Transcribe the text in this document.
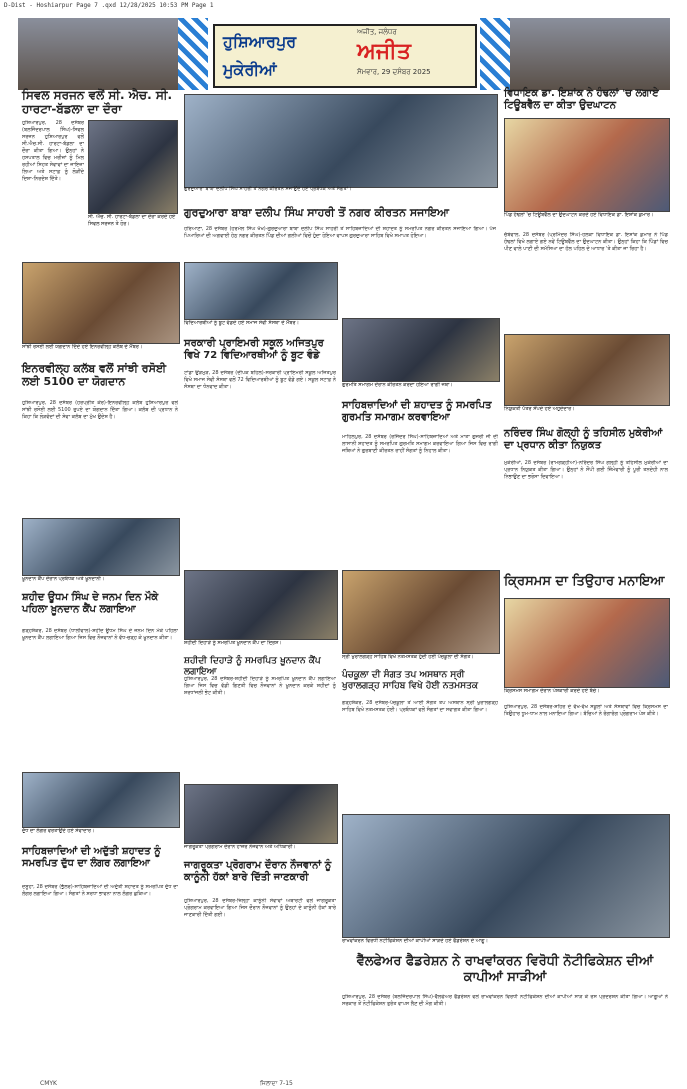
D-Dist - Hoshiarpur Page 7 .qxd 12/28/2025 10:53 PM Page 1
ਹੁਸ਼ਿਆਰਪੁਰ
ਮੁਕੇਰੀਆਂ
ਅਜੀਤ, ਜਲੰਧਰ
ਅਜੀਤ
ਸੋਮਵਾਰ, 29 ਦਸੰਬਰ 2025
ਸਿਵਲ ਸਰਜਨ ਵਲੋਂ ਸੀ. ਐਚ. ਸੀ. ਹਾਰਟਾ-ਬੱਡਲਾ ਦਾ ਦੌਰਾ
ਹੁਸ਼ਿਆਰਪੁਰ, 28 ਦਸੰਬਰ (ਬਲਜਿੰਦਰਪਾਲ ਸਿੰਘ)-ਸਿਵਲ ਸਰਜਨ ਹੁਸ਼ਿਆਰਪੁਰ ਵਲੋਂ ਸੀ.ਐਚ.ਸੀ. ਹਾਰਟਾ-ਬੱਡਲਾ ਦਾ ਦੌਰਾ ਕੀਤਾ ਗਿਆ। ਉਨ੍ਹਾਂ ਨੇ ਹਸਪਤਾਲ ਵਿਚ ਮਰੀਜ਼ਾਂ ਨੂੰ ਮਿਲ ਰਹੀਆਂ ਸਿਹਤ ਸੇਵਾਵਾਂ ਦਾ ਜਾਇਜ਼ਾ ਲਿਆ ਅਤੇ ਸਟਾਫ਼ ਨੂੰ ਲੋੜੀਂਦੇ ਦਿਸ਼ਾ-ਨਿਰਦੇਸ਼ ਦਿੱਤੇ।
ਸੀ. ਐਚ. ਸੀ. ਹਾਰਟਾ-ਬੱਡਲਾ ਦਾ ਦੌਰਾ ਕਰਦੇ ਹੋਏ ਸਿਵਲ ਸਰਜਨ ਤੇ ਹੋਰ।
ਗੁਰਦੁਆਰਾ ਬਾਬਾ ਦਲੀਪ ਸਿੰਘ ਸਾਹਰੀ ਤੋਂ ਨਗਰ ਕੀਰਤਨ ਸਜਾਉਂਦੇ ਹੋਏ ਪ੍ਰਬੰਧਕ ਅਤੇ ਸੰਗਤਾਂ।
ਗੁਰਦੁਆਰਾ ਬਾਬਾ ਦਲੀਪ ਸਿੰਘ ਸਾਹਰੀ ਤੋਂ ਨਗਰ ਕੀਰਤਨ ਸਜਾਇਆ
ਹਰਿਆਣਾ, 28 ਦਸੰਬਰ (ਹਰਮੇਲ ਸਿੰਘ ਖੱਖ)-ਗੁਰਦੁਆਰਾ ਬਾਬਾ ਦਲੀਪ ਸਿੰਘ ਸਾਹਰੀ ਤੋਂ ਸਾਹਿਬਜ਼ਾਦਿਆਂ ਦੀ ਸ਼ਹਾਦਤ ਨੂੰ ਸਮਰਪਿਤ ਨਗਰ ਕੀਰਤਨ ਸਜਾਇਆ ਗਿਆ। ਪੰਜ ਪਿਆਰਿਆਂ ਦੀ ਅਗਵਾਈ ਹੇਠ ਨਗਰ ਕੀਰਤਨ ਪਿੰਡ ਦੀਆਂ ਗਲੀਆਂ ਵਿਚੋਂ ਹੁੰਦਾ ਹੋਇਆ ਵਾਪਸ ਗੁਰਦੁਆਰਾ ਸਾਹਿਬ ਵਿਖੇ ਸਮਾਪਤ ਹੋਇਆ।
ਵਿਧਾਇਕ ਡਾ. ਇਸ਼ਾਂਕ ਨੇ ਹੰਢਲਾਂ 'ਚ ਲਗਾਏ ਟਿਊਬਵੈੱਲ ਦਾ ਕੀਤਾ ਉਦਘਾਟਨ
ਪਿੰਡ ਹੰਢਲਾਂ 'ਚ ਟਿਊਬਵੈੱਲ ਦਾ ਉਦਘਾਟਨ ਕਰਦੇ ਹੋਏ ਵਿਧਾਇਕ ਡਾ. ਇਸ਼ਾਂਕ ਕੁਮਾਰ।
ਚੱਬੇਵਾਲ, 28 ਦਸੰਬਰ (ਪ੍ਰਮਿੰਦਰ ਸਿੰਘ)-ਹਲਕਾ ਵਿਧਾਇਕ ਡਾ. ਇਸ਼ਾਂਕ ਕੁਮਾਰ ਨੇ ਪਿੰਡ ਹੰਢਲਾਂ ਵਿਖੇ ਲਗਾਏ ਗਏ ਨਵੇਂ ਟਿਊਬਵੈੱਲ ਦਾ ਉਦਘਾਟਨ ਕੀਤਾ। ਉਨ੍ਹਾਂ ਕਿਹਾ ਕਿ ਪਿੰਡਾਂ ਵਿਚ ਪੀਣ ਵਾਲੇ ਪਾਣੀ ਦੀ ਸਮੱਸਿਆ ਦਾ ਹੱਲ ਪਹਿਲ ਦੇ ਆਧਾਰ 'ਤੇ ਕੀਤਾ ਜਾ ਰਿਹਾ ਹੈ।
ਸਾਂਝੀ ਰਸੋਈ ਲਈ ਯੋਗਦਾਨ ਦਿੰਦੇ ਹੋਏ ਇਨਰਵੀਲ੍ਹ ਕਲੱਬ ਦੇ ਮੈਂਬਰ।
ਇਨਰਵੀਲ੍ਹ ਕਲੱਬ ਵਲੋਂ ਸਾਂਝੀ ਰਸੋਈ ਲਈ 5100 ਦਾ ਯੋਗਦਾਨ
ਹੁਸ਼ਿਆਰਪੁਰ, 28 ਦਸੰਬਰ (ਹਰਪ੍ਰੀਤ ਕੌਰ)-ਇਨਰਵੀਲ੍ਹ ਕਲੱਬ ਹੁਸ਼ਿਆਰਪੁਰ ਵਲੋਂ ਸਾਂਝੀ ਰਸੋਈ ਲਈ 5100 ਰੁਪਏ ਦਾ ਯੋਗਦਾਨ ਦਿੱਤਾ ਗਿਆ। ਕਲੱਬ ਦੀ ਪ੍ਰਧਾਨ ਨੇ ਕਿਹਾ ਕਿ ਲੋੜਵੰਦਾਂ ਦੀ ਸੇਵਾ ਕਲੱਬ ਦਾ ਮੁੱਖ ਉਦੇਸ਼ ਹੈ।
ਵਿਦਿਆਰਥੀਆਂ ਨੂੰ ਬੂਟ ਵੰਡਦੇ ਹੋਏ ਸਮਾਜ ਸੇਵੀ ਸੰਸਥਾ ਦੇ ਮੈਂਬਰ।
ਸਰਕਾਰੀ ਪ੍ਰਾਇਮਰੀ ਸਕੂਲ ਅਜਿਤਪੁਰ ਵਿਖੇ 72 ਵਿਦਿਆਰਥੀਆਂ ਨੂੰ ਬੂਟ ਵੰਡੇ
ਟਾਂਡਾ ਉੜਮੁੜ, 28 ਦਸੰਬਰ (ਦੀਪਕ ਬਹਿਲ)-ਸਰਕਾਰੀ ਪ੍ਰਾਇਮਰੀ ਸਕੂਲ ਅਜਿਤਪੁਰ ਵਿਖੇ ਸਮਾਜ ਸੇਵੀ ਸੰਸਥਾ ਵਲੋਂ 72 ਵਿਦਿਆਰਥੀਆਂ ਨੂੰ ਬੂਟ ਵੰਡੇ ਗਏ। ਸਕੂਲ ਸਟਾਫ਼ ਨੇ ਸੰਸਥਾ ਦਾ ਧੰਨਵਾਦ ਕੀਤਾ।	ਗੁਰਮਤਿ ਸਮਾਗਮ ਦੌਰਾਨ ਕੀਰਤਨ ਕਰਦਾ ਹੋਇਆ ਰਾਗੀ ਜਥਾ।
ਸਾਹਿਬਜ਼ਾਦਿਆਂ ਦੀ ਸ਼ਹਾਦਤ ਨੂੰ ਸਮਰਪਿਤ ਗੁਰਮਤਿ ਸਮਾਗਮ ਕਰਵਾਇਆ
ਮਾਹਿਲਪੁਰ, 28 ਦਸੰਬਰ (ਰਜਿੰਦਰ ਸਿੰਘ)-ਸਾਹਿਬਜ਼ਾਦਿਆਂ ਅਤੇ ਮਾਤਾ ਗੁਜਰੀ ਜੀ ਦੀ ਲਾਸਾਨੀ ਸ਼ਹਾਦਤ ਨੂੰ ਸਮਰਪਿਤ ਗੁਰਮਤਿ ਸਮਾਗਮ ਕਰਵਾਇਆ ਗਿਆ ਜਿਸ ਵਿਚ ਰਾਗੀ ਜਥਿਆਂ ਨੇ ਗੁਰਬਾਣੀ ਕੀਰਤਨ ਰਾਹੀਂ ਸੰਗਤਾਂ ਨੂੰ ਨਿਹਾਲ ਕੀਤਾ।
ਨਿਯੁਕਤੀ ਪੱਤਰ ਸੌਂਪਦੇ ਹੋਏ ਅਹੁਦੇਦਾਰ।
ਨਰਿੰਦਰ ਸਿੰਘ ਗੋਲ੍ਹੀ ਨੂੰ ਤਹਿਸੀਲ ਮੁਕੇਰੀਆਂ ਦਾ ਪ੍ਰਧਾਨ ਕੀਤਾ ਨਿਯੁਕਤ
ਮੁਕੇਰੀਆਂ, 28 ਦਸੰਬਰ (ਰਾਮਗੜ੍ਹੀਆ)-ਨਰਿੰਦਰ ਸਿੰਘ ਗੋਲ੍ਹੀ ਨੂੰ ਤਹਿਸੀਲ ਮੁਕੇਰੀਆਂ ਦਾ ਪ੍ਰਧਾਨ ਨਿਯੁਕਤ ਕੀਤਾ ਗਿਆ। ਉਨ੍ਹਾਂ ਨੇ ਸੌਂਪੀ ਗਈ ਜ਼ਿੰਮੇਵਾਰੀ ਨੂੰ ਪੂਰੀ ਤਨਦੇਹੀ ਨਾਲ ਨਿਭਾਉਣ ਦਾ ਭਰੋਸਾ ਦਿਵਾਇਆ।
ਕ੍ਰਿਸਮਸ ਦਾ ਤਿਉਹਾਰ ਮਨਾਇਆ
ਕ੍ਰਿਸਮਸ ਸਮਾਗਮ ਦੌਰਾਨ ਪੇਸ਼ਕਾਰੀ ਕਰਦੇ ਹੋਏ ਬੱਚੇ।
ਹੁਸ਼ਿਆਰਪੁਰ, 28 ਦਸੰਬਰ-ਸ਼ਹਿਰ ਦੇ ਵੱਖ-ਵੱਖ ਸਕੂਲਾਂ ਅਤੇ ਸੰਸਥਾਵਾਂ ਵਿਚ ਕ੍ਰਿਸਮਸ ਦਾ ਤਿਉਹਾਰ ਧੂਮ-ਧਾਮ ਨਾਲ ਮਨਾਇਆ ਗਿਆ। ਬੱਚਿਆਂ ਨੇ ਰੰਗਾਰੰਗ ਪ੍ਰੋਗਰਾਮ ਪੇਸ਼ ਕੀਤੇ।
ਖ਼ੂਨਦਾਨ ਕੈਂਪ ਦੌਰਾਨ ਪ੍ਰਬੰਧਕ ਅਤੇ ਖ਼ੂਨਦਾਨੀ।
ਸ਼ਹੀਦ ਊਧਮ ਸਿੰਘ ਦੇ ਜਨਮ ਦਿਨ ਮੌਕੇ ਪਹਿਲਾ ਖ਼ੂਨਦਾਨ ਕੈਂਪ ਲਗਾਇਆ
ਗੜ੍ਹਸ਼ੰਕਰ, 28 ਦਸੰਬਰ (ਧਾਲੀਵਾਲ)-ਸ਼ਹੀਦ ਊਧਮ ਸਿੰਘ ਦੇ ਜਨਮ ਦਿਨ ਮੌਕੇ ਪਹਿਲਾ ਖ਼ੂਨਦਾਨ ਕੈਂਪ ਲਗਾਇਆ ਗਿਆ ਜਿਸ ਵਿਚ ਨੌਜਵਾਨਾਂ ਨੇ ਵੱਧ-ਚੜ੍ਹ ਕੇ ਖ਼ੂਨਦਾਨ ਕੀਤਾ।
ਸ਼ਹੀਦੀ ਦਿਹਾੜੇ ਨੂੰ ਸਮਰਪਿਤ ਖ਼ੂਨਦਾਨ ਕੈਂਪ ਦਾ ਦ੍ਰਿਸ਼।
ਸ਼ਹੀਦੀ ਦਿਹਾੜੇ ਨੂੰ ਸਮਰਪਿਤ ਖ਼ੂਨਦਾਨ ਕੈਂਪ ਲਗਾਇਆ
ਹੁਸ਼ਿਆਰਪੁਰ, 28 ਦਸੰਬਰ-ਸ਼ਹੀਦੀ ਦਿਹਾੜੇ ਨੂੰ ਸਮਰਪਿਤ ਖ਼ੂਨਦਾਨ ਕੈਂਪ ਲਗਾਇਆ ਗਿਆ ਜਿਸ ਵਿਚ ਵੱਡੀ ਗਿਣਤੀ ਵਿਚ ਨੌਜਵਾਨਾਂ ਨੇ ਖ਼ੂਨਦਾਨ ਕਰਕੇ ਸ਼ਹੀਦਾਂ ਨੂੰ ਸ਼ਰਧਾਂਜਲੀ ਭੇਟ ਕੀਤੀ।
ਸ੍ਰੀ ਖੁਰਾਲਗੜ੍ਹ ਸਾਹਿਬ ਵਿਖੇ ਨਤਮਸਤਕ ਹੁੰਦੀ ਹੋਈ ਪੰਚਕੂਲਾ ਦੀ ਸੰਗਤ।
ਪੰਚਕੂਲਾ ਦੀ ਸੰਗਤ ਤਪ ਅਸਥਾਨ ਸ੍ਰੀ ਖੁਰਾਲਗੜ੍ਹ ਸਾਹਿਬ ਵਿਖੇ ਹੋਈ ਨਤਮਸਤਕ
ਗੜ੍ਹਸ਼ੰਕਰ, 28 ਦਸੰਬਰ-ਪੰਚਕੂਲਾ ਤੋਂ ਆਈ ਸੰਗਤ ਤਪ ਅਸਥਾਨ ਸ੍ਰੀ ਖੁਰਾਲਗੜ੍ਹ ਸਾਹਿਬ ਵਿਖੇ ਨਤਮਸਤਕ ਹੋਈ। ਪ੍ਰਬੰਧਕਾਂ ਵਲੋਂ ਸੰਗਤਾਂ ਦਾ ਸਵਾਗਤ ਕੀਤਾ ਗਿਆ।
ਦੁੱਧ ਦਾ ਲੰਗਰ ਵਰਤਾਉਂਦੇ ਹੋਏ ਸੇਵਾਦਾਰ।
ਸਾਹਿਬਜ਼ਾਦਿਆਂ ਦੀ ਅਦੁੱਤੀ ਸ਼ਹਾਦਤ ਨੂੰ ਸਮਰਪਿਤ ਦੁੱਧ ਦਾ ਲੰਗਰ ਲਗਾਇਆ
ਦਸੂਹਾ, 28 ਦਸੰਬਰ (ਭੁੱਲਰ)-ਸਾਹਿਬਜ਼ਾਦਿਆਂ ਦੀ ਅਦੁੱਤੀ ਸ਼ਹਾਦਤ ਨੂੰ ਸਮਰਪਿਤ ਦੁੱਧ ਦਾ ਲੰਗਰ ਲਗਾਇਆ ਗਿਆ। ਸੰਗਤਾਂ ਨੇ ਸ਼ਰਧਾ ਭਾਵਨਾ ਨਾਲ ਲੰਗਰ ਛਕਿਆ।
ਜਾਗਰੂਕਤਾ ਪ੍ਰੋਗਰਾਮ ਦੌਰਾਨ ਹਾਜ਼ਰ ਨੌਜਵਾਨ ਅਤੇ ਅਧਿਕਾਰੀ।
ਜਾਗਰੂਕਤਾ ਪ੍ਰੋਗਰਾਮ ਦੌਰਾਨ ਨੌਜਵਾਨਾਂ ਨੂੰ ਕਾਨੂੰਨੀ ਹੱਕਾਂ ਬਾਰੇ ਦਿੱਤੀ ਜਾਣਕਾਰੀ
ਹੁਸ਼ਿਆਰਪੁਰ, 28 ਦਸੰਬਰ-ਜ਼ਿਲ੍ਹਾ ਕਾਨੂੰਨੀ ਸੇਵਾਵਾਂ ਅਥਾਰਟੀ ਵਲੋਂ ਜਾਗਰੂਕਤਾ ਪ੍ਰੋਗਰਾਮ ਕਰਵਾਇਆ ਗਿਆ ਜਿਸ ਦੌਰਾਨ ਨੌਜਵਾਨਾਂ ਨੂੰ ਉਨ੍ਹਾਂ ਦੇ ਕਾਨੂੰਨੀ ਹੱਕਾਂ ਬਾਰੇ ਜਾਣਕਾਰੀ ਦਿੱਤੀ ਗਈ।
ਰਾਖਵਾਂਕਰਨ ਵਿਰੋਧੀ ਨੋਟੀਫਿਕੇਸ਼ਨ ਦੀਆਂ ਕਾਪੀਆਂ ਸਾੜਦੇ ਹੋਏ ਫੈਡਰੇਸ਼ਨ ਦੇ ਆਗੂ।
ਵੈੱਲਫੇਅਰ ਫੈਡਰੇਸ਼ਨ ਨੇ ਰਾਖਵਾਂਕਰਨ ਵਿਰੋਧੀ ਨੋਟੀਫਿਕੇਸ਼ਨ ਦੀਆਂ ਕਾਪੀਆਂ ਸਾੜੀਆਂ
ਹੁਸ਼ਿਆਰਪੁਰ, 28 ਦਸੰਬਰ (ਬਲਜਿੰਦਰਪਾਲ ਸਿੰਘ)-ਵੈੱਲਫੇਅਰ ਫੈਡਰੇਸ਼ਨ ਵਲੋਂ ਰਾਖਵਾਂਕਰਨ ਵਿਰੋਧੀ ਨੋਟੀਫਿਕੇਸ਼ਨ ਦੀਆਂ ਕਾਪੀਆਂ ਸਾੜ ਕੇ ਰੋਸ ਪ੍ਰਦਰਸ਼ਨ ਕੀਤਾ ਗਿਆ। ਆਗੂਆਂ ਨੇ ਸਰਕਾਰ ਤੋਂ ਨੋਟੀਫਿਕੇਸ਼ਨ ਤੁਰੰਤ ਵਾਪਸ ਲੈਣ ਦੀ ਮੰਗ ਕੀਤੀ।
CMYK	ਜਿਲਾਦਾ 7-15
